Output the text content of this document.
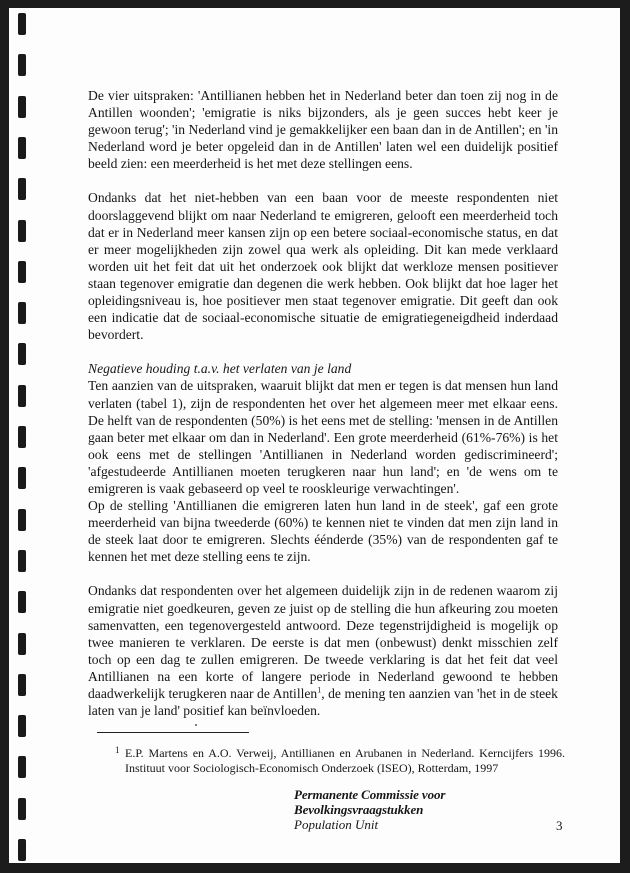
De vier uitspraken: 'Antillianen hebben het in Nederland beter dan toen zij nog in de Antillen woonden'; 'emigratie is niks bijzonders, als je geen succes hebt keer je gewoon terug'; 'in Nederland vind je gemakkelijker een baan dan in de Antillen'; en 'in Nederland word je beter opgeleid dan in de Antillen' laten wel een duidelijk positief beeld zien: een meerderheid is het met deze stellingen eens.

Ondanks dat het niet-hebben van een baan voor de meeste respondenten niet doorslaggevend blijkt om naar Nederland te emigreren, gelooft een meerderheid toch dat er in Nederland meer kansen zijn op een betere sociaal-economische status, en dat er meer mogelijkheden zijn zowel qua werk als opleiding. Dit kan mede verklaard worden uit het feit dat uit het onderzoek ook blijkt dat werkloze mensen positiever staan tegenover emigratie dan degenen die werk hebben. Ook blijkt dat hoe lager het opleidingsniveau is, hoe positiever men staat tegenover emigratie. Dit geeft dan ook een indicatie dat de sociaal-economische situatie de emigratiegeneigdheid inderdaad bevordert.

Negatieve houding t.a.v. het verlaten van je land

Ten aanzien van de uitspraken, waaruit blijkt dat men er tegen is dat mensen hun land verlaten (tabel 1), zijn de respondenten het over het algemeen meer met elkaar eens. De helft van de respondenten (50%) is het eens met de stelling: 'mensen in de Antillen gaan beter met elkaar om dan in Nederland'. Een grote meerderheid (61%-76%) is het ook eens met de stellingen 'Antillianen in Nederland worden gediscrimineerd'; 'afgestudeerde Antillianen moeten terugkeren naar hun land'; en 'de wens om te emigreren is vaak gebaseerd op veel te rooskleurige verwachtingen'.

Op de stelling 'Antillianen die emigreren laten hun land in de steek', gaf een grote meerderheid van bijna tweederde (60%) te kennen niet te vinden dat men zijn land in de steek laat door te emigreren. Slechts éénderde (35%) van de respondenten gaf te kennen het met deze stelling eens te zijn.

Ondanks dat respondenten over het algemeen duidelijk zijn in de redenen waarom zij emigratie niet goedkeuren, geven ze juist op de stelling die hun afkeuring zou moeten samenvatten, een tegenovergesteld antwoord. Deze tegenstrijdigheid is mogelijk op twee manieren te verklaren. De eerste is dat men (onbewust) denkt misschien zelf toch op een dag te zullen emigreren. De tweede verklaring is dat het feit dat veel Antillianen na een korte of langere periode in Nederland gewoond te hebben daadwerkelijk terugkeren naar de Antillen$^1$, de mening ten aanzien van 'het in de steek laten van je land' positief kan beïnvloeden.

1 E.P. Martens en A.O. Verweij, Antillianen en Arubanen in Nederland. Kerncijfers 1996. Instituut voor Sociologisch-Economisch Onderzoek (ISEO), Rotterdam, 1997
Permanente Commissie voor Bevolkingsvraagstukken
Population Unit	3
